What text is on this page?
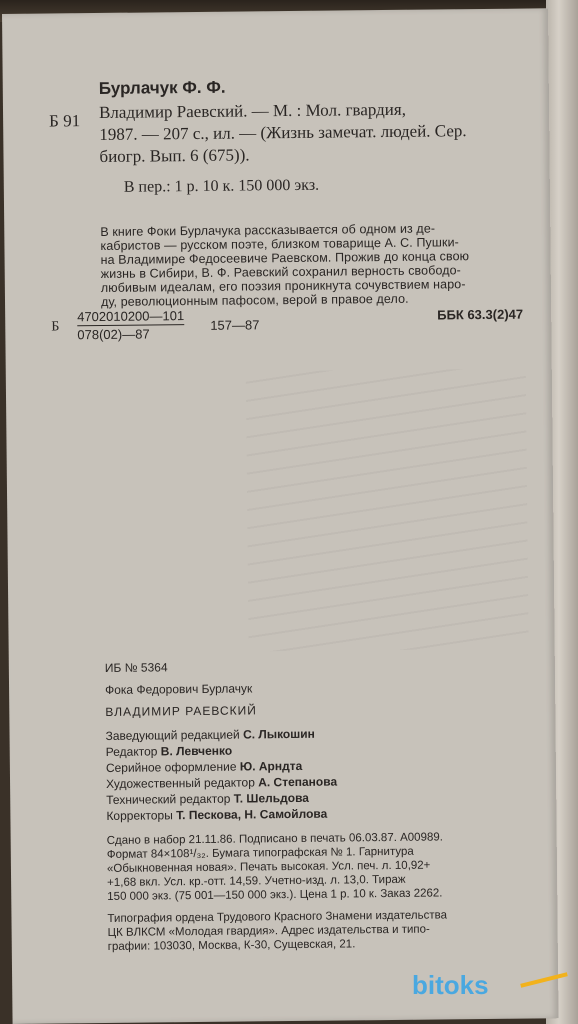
Б 91
Бурлачук Ф. Ф.
Владимир Раевский. — М. : Мол. гвардия,
1987. — 207 с., ил. — (Жизнь замечат. людей. Сер.
биогр. Вып. 6 (675)).
В пер.: 1 р. 10 к. 150 000 экз.
В книге Фоки Бурлачука рассказывается об одном из де-
кабристов — русском поэте, близком товарище А. С. Пушки-
на Владимире Федосеевиче Раевском. Прожив до конца свою
жизнь в Сибири, В. Ф. Раевский сохранил верность свободо-
любивым идеалам, его поэзия проникнута сочувствием наро-
ду, революционным пафосом, верой в правое дело.
Б $\frac{4702010200—101}{078(02)—87}$ 157—87
ББК 63.3(2)47
ИБ № 5364
Фока Федорович Бурлачук
ВЛАДИМИР РАЕВСКИЙ
Заведующий редакцией С. Лыкошин
Редактор В. Левченко
Серийное оформление Ю. Арндта
Художественный редактор А. Степанова
Технический редактор Т. Шельдова
Корректоры Т. Пескова, Н. Самойлова
Сдано в набор 21.11.86. Подписано в печать 06.03.87. А00989.
Формат 84×108¹/₃₂. Бумага типографская № 1. Гарнитура
«Обыкновенная новая». Печать высокая. Усл. печ. л. 10,92+
+1,68 вкл. Усл. кр.-отт. 14,59. Учетно-изд. л. 13,0. Тираж
150 000 экз. (75 001—150 000 экз.). Цена 1 р. 10 к. Заказ 2262.
Типография ордена Трудового Красного Знамени издательства
ЦК ВЛКСМ «Молодая гвардия». Адрес издательства и типо-
графии: 103030, Москва, К-30, Сущевская, 21.
bitoks
